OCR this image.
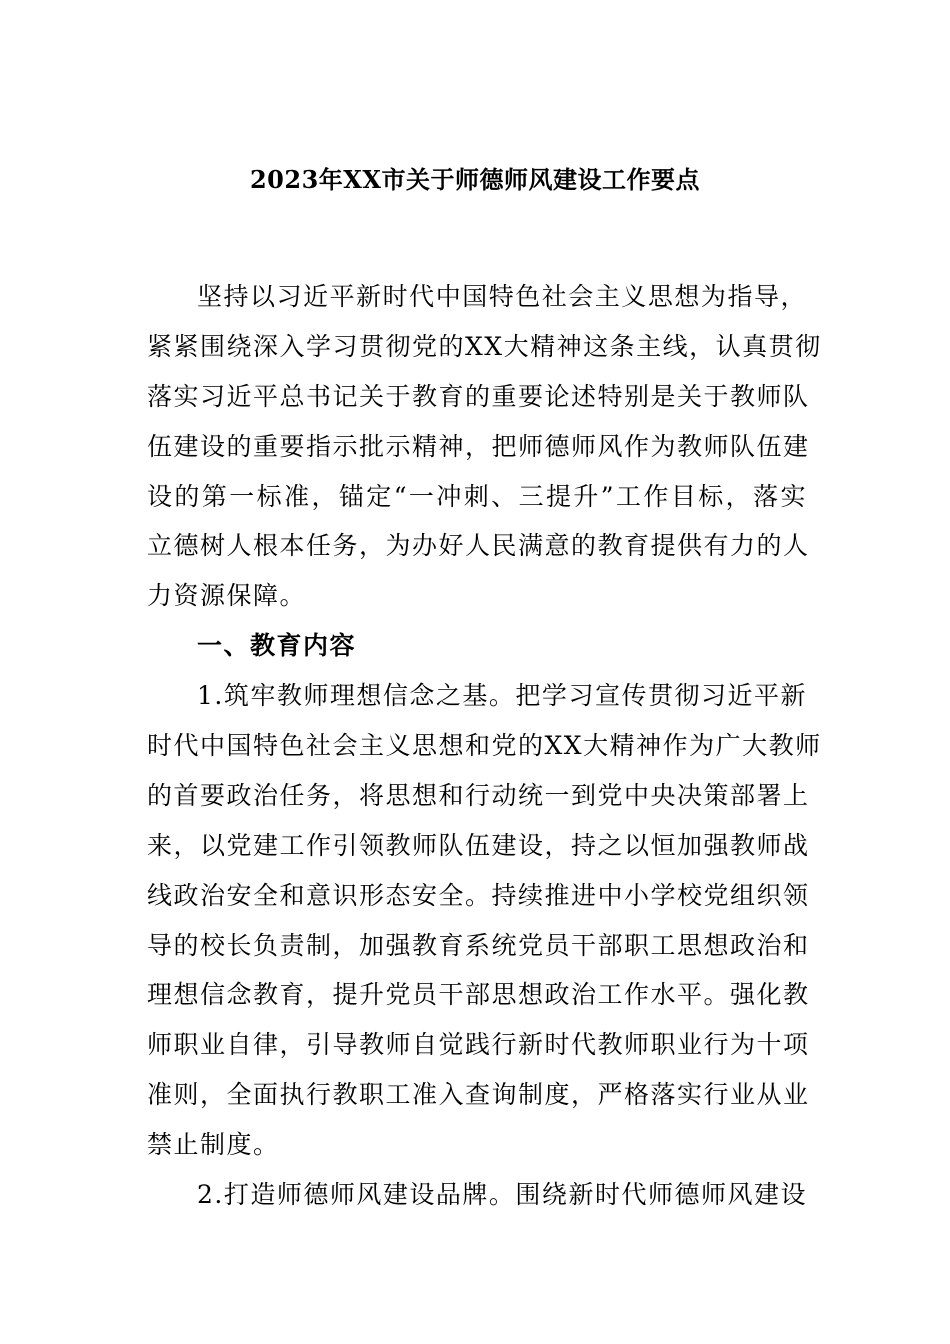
2023年XX市关于师德师风建设工作要点
坚持以习近平新时代中国特色社会主义思想为指导，
紧紧围绕深入学习贯彻党的XX大精神这条主线，认真贯彻
落实习近平总书记关于教育的重要论述特别是关于教师队
伍建设的重要指示批示精神，把师德师风作为教师队伍建
设的第一标准，锚定“一冲刺、三提升”工作目标，落实
立德树人根本任务，为办好人民满意的教育提供有力的人
力资源保障。
一、教育内容
1.筑牢教师理想信念之基。把学习宣传贯彻习近平新
时代中国特色社会主义思想和党的XX大精神作为广大教师
的首要政治任务，将思想和行动统一到党中央决策部署上
来，以党建工作引领教师队伍建设，持之以恒加强教师战
线政治安全和意识形态安全。持续推进中小学校党组织领
导的校长负责制，加强教育系统党员干部职工思想政治和
理想信念教育，提升党员干部思想政治工作水平。强化教
师职业自律，引导教师自觉践行新时代教师职业行为十项
准则，全面执行教职工准入查询制度，严格落实行业从业
禁止制度。
2.打造师德师风建设品牌。围绕新时代师德师风建设
